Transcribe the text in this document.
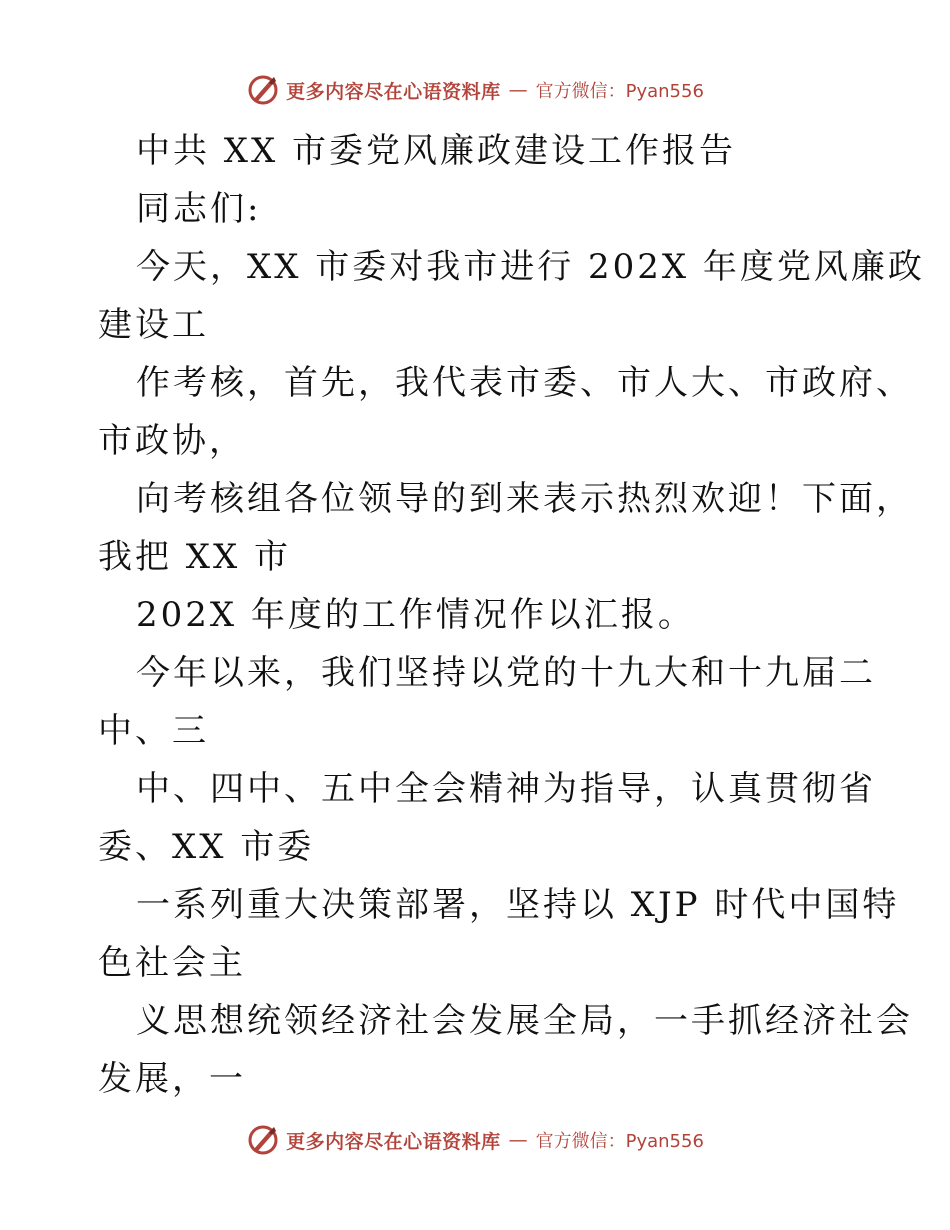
更多内容尽在心语资料库 — 官方微信：Pyan556
中共 XX 市委党风廉政建设工作报告
同志们:
今天，XX 市委对我市进行 202X 年度党风廉政
建设工
作考核，首先，我代表市委、市人大、市政府、
市政协，
向考核组各位领导的到来表示热烈欢迎！下面，
我把 XX 市
202X 年度的工作情况作以汇报。
今年以来，我们坚持以党的十九大和十九届二
中、三
中、四中、五中全会精神为指导，认真贯彻省
委、XX 市委
一系列重大决策部署，坚持以 XJP 时代中国特
色社会主
义思想统领经济社会发展全局，一手抓经济社会
发展，一
更多内容尽在心语资料库 — 官方微信：Pyan556
